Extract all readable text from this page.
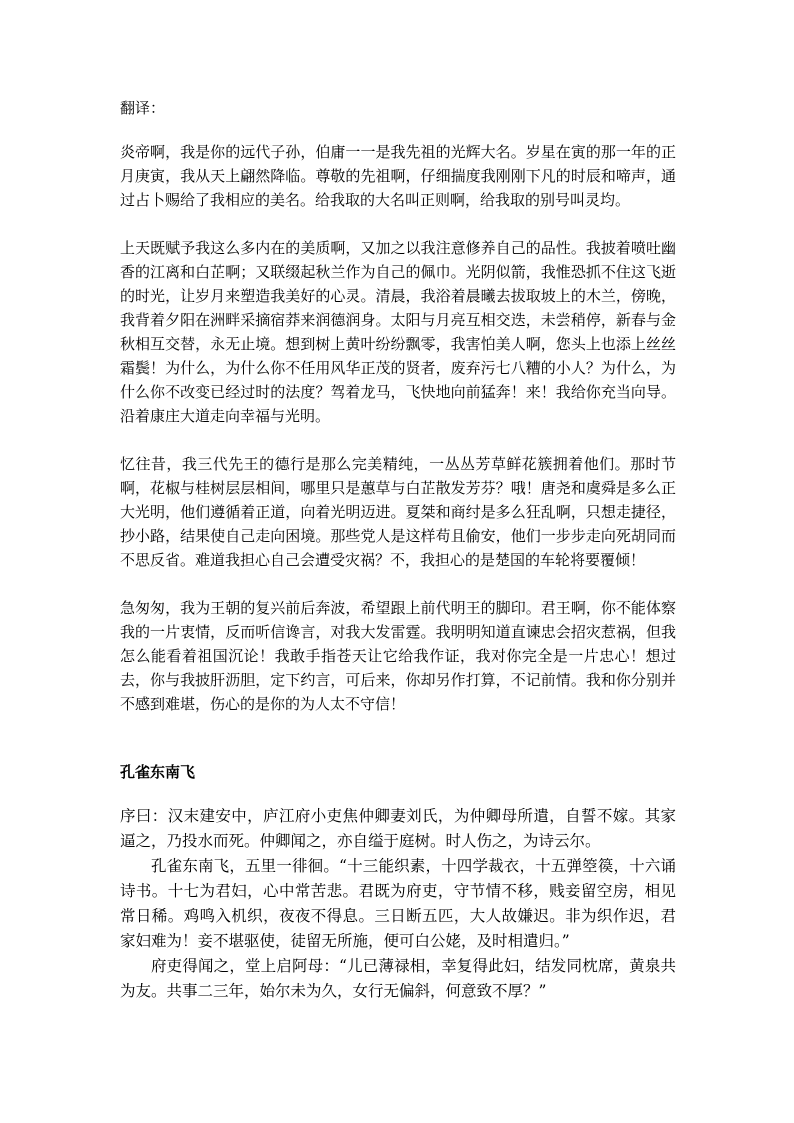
翻译：
炎帝啊，我是你的远代子孙，伯庸一一是我先祖的光辉大名。岁星在寅的那一年的正月庚寅，我从天上翩然降临。尊敬的先祖啊，仔细揣度我刚刚下凡的时辰和啼声，通过占卜赐给了我相应的美名。给我取的大名叫正则啊，给我取的别号叫灵均。
上天既赋予我这么多内在的美质啊，又加之以我注意修养自己的品性。我披着喷吐幽香的江离和白芷啊；又联缀起秋兰作为自己的佩巾。光阴似箭，我惟恐抓不住这飞逝的时光，让岁月来塑造我美好的心灵。清晨，我浴着晨曦去拔取坡上的木兰，傍晚，我背着夕阳在洲畔采摘宿莽来润德润身。太阳与月亮互相交迭，未尝稍停，新春与金秋相互交替，永无止境。想到树上黄叶纷纷飘零，我害怕美人啊，您头上也添上丝丝霜鬓！为什么，为什么你不任用风华正茂的贤者，废弃污七八糟的小人？为什么，为什么你不改变已经过时的法度？驾着龙马，飞快地向前猛奔！来！我给你充当向导。沿着康庄大道走向幸福与光明。
忆往昔，我三代先王的德行是那么完美精纯，一丛丛芳草鲜花簇拥着他们。那时节啊，花椒与桂树层层相间，哪里只是蕙草与白芷散发芳芬？哦！唐尧和虞舜是多么正大光明，他们遵循着正道，向着光明迈进。夏桀和商纣是多么狂乱啊，只想走捷径，抄小路，结果使自己走向困境。那些党人是这样苟且偷安，他们一步步走向死胡同而不思反省。难道我担心自己会遭受灾祸？不，我担心的是楚国的车轮将要覆倾！
急匆匆，我为王朝的复兴前后奔波，希望跟上前代明王的脚印。君王啊，你不能体察我的一片衷情，反而听信谗言，对我大发雷霆。我明明知道直谏忠会招灾惹祸，但我怎么能看着祖国沉论！我敢手指苍天让它给我作证，我对你完全是一片忠心！想过去，你与我披肝沥胆，定下约言，可后来，你却另作打算，不记前情。我和你分别并不感到难堪，伤心的是你的为人太不守信！
孔雀东南飞
序曰：汉末建安中，庐江府小吏焦仲卿妻刘氏，为仲卿母所遣，自誓不嫁。其家逼之，乃投水而死。仲卿闻之，亦自缢于庭树。时人伤之，为诗云尔。
孔雀东南飞，五里一徘徊。“十三能织素，十四学裁衣，十五弹箜篌，十六诵诗书。十七为君妇，心中常苦悲。君既为府吏，守节情不移，贱妾留空房，相见常日稀。鸡鸣入机织，夜夜不得息。三日断五匹，大人故嫌迟。非为织作迟，君家妇难为！妾不堪驱使，徒留无所施，便可白公姥，及时相遣归。”
府吏得闻之，堂上启阿母：“儿已薄禄相，幸复得此妇，结发同枕席，黄泉共为友。共事二三年，始尔未为久，女行无偏斜，何意致不厚？”
